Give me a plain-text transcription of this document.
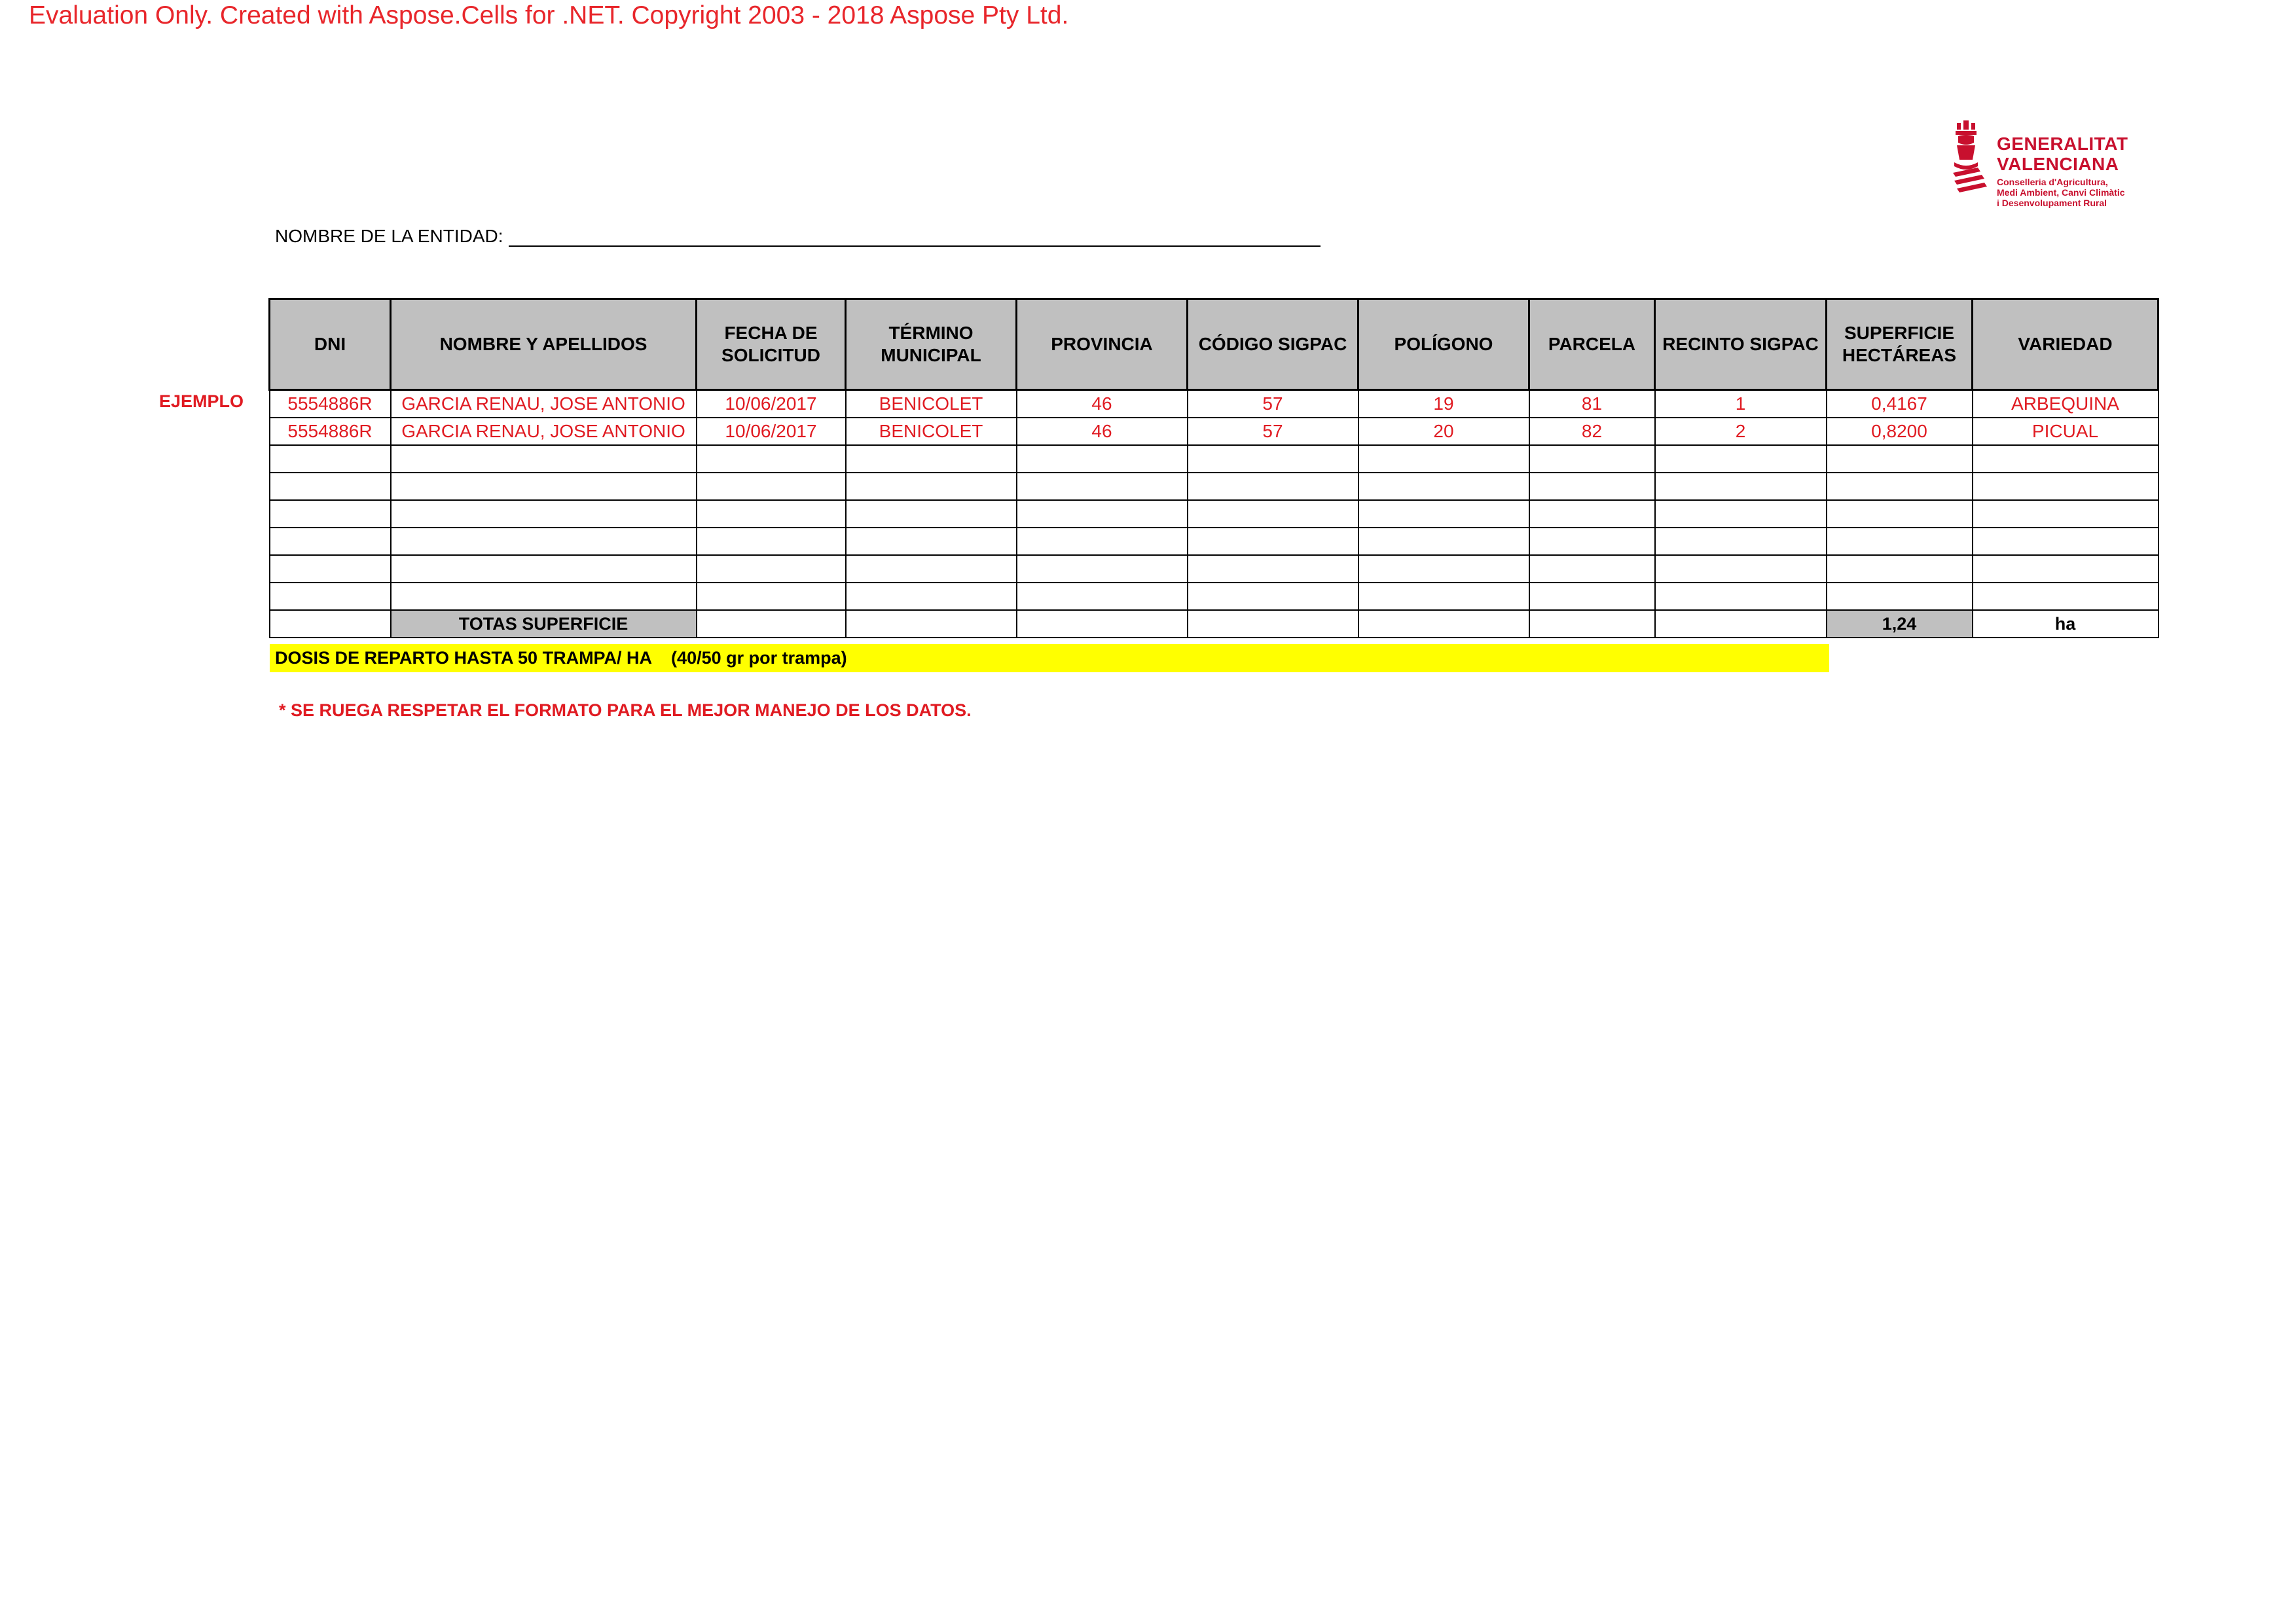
Evaluation Only. Created with Aspose.Cells for .NET. Copyright 2003 - 2018 Aspose Pty Ltd.
GENERALITAT
VALENCIANA
Conselleria d'Agricultura,
Medi Ambient, Canvi Climàtic
i Desenvolupament Rural
NOMBRE DE LA ENTIDAD:
EJEMPLO
DNI	NOMBRE Y APELLIDOS	FECHA DE SOLICITUD	TÉRMINO MUNICIPAL	PROVINCIA	CÓDIGO SIGPAC	POLÍGONO	PARCELA	RECINTO SIGPAC	SUPERFICIE HECTÁREAS	VARIEDAD
5554886R	GARCIA RENAU, JOSE ANTONIO	10/06/2017	BENICOLET	46	57	19	81	1	0,4167	ARBEQUINA
5554886R	GARCIA RENAU, JOSE ANTONIO	10/06/2017	BENICOLET	46	57	20	82	2	0,8200	PICUAL

	TOTAS SUPERFICIE								1,24	ha
DOSIS DE REPARTO HASTA 50 TRAMPA/ HA    (40/50 gr por trampa)
* SE RUEGA RESPETAR EL FORMATO PARA EL MEJOR MANEJO DE LOS DATOS.
